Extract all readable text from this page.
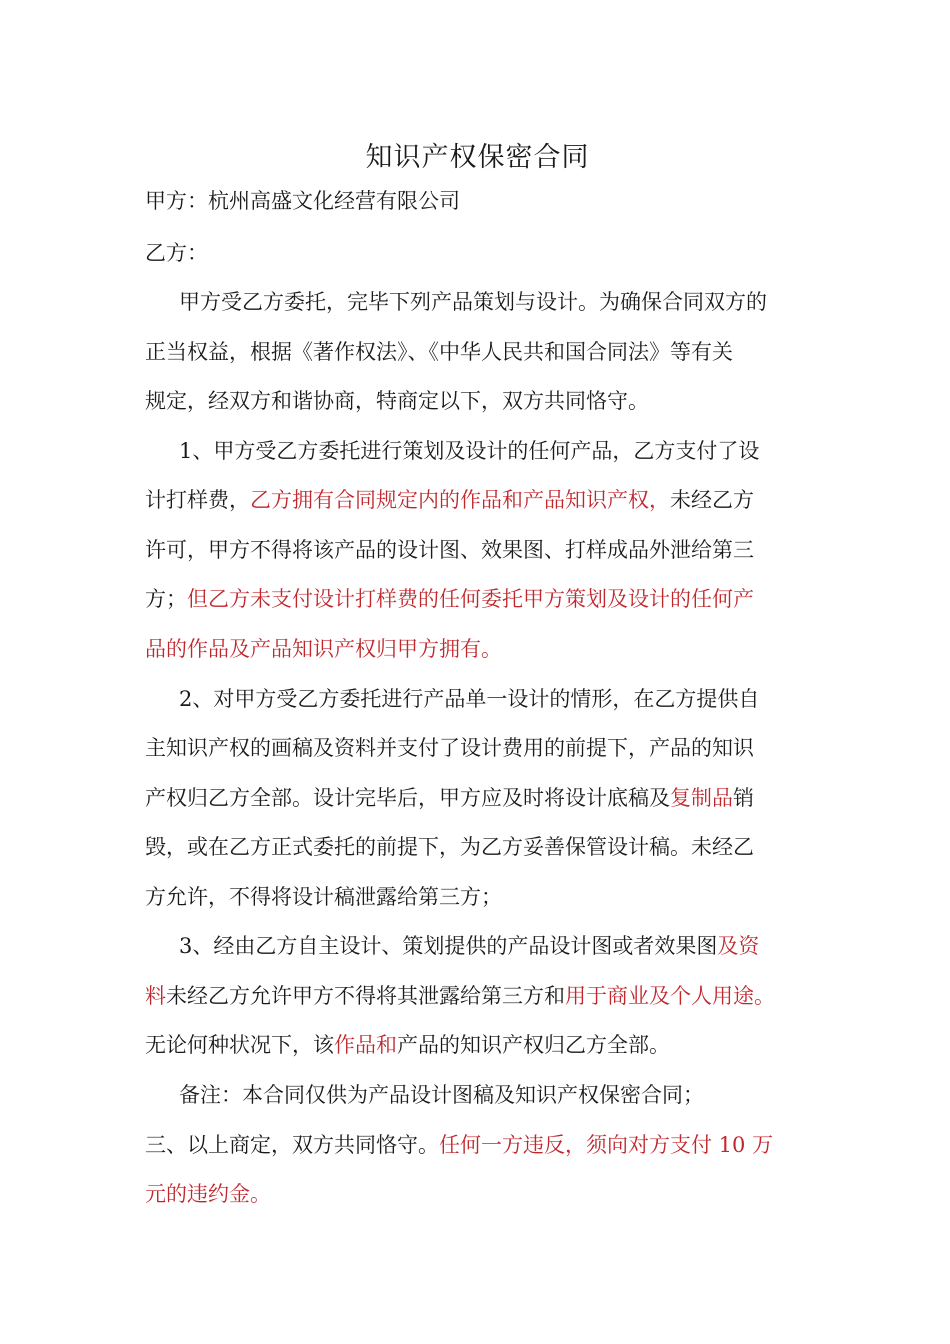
知识产权保密合同
甲方：杭州高盛文化经营有限公司
乙方：
甲方受乙方委托，完毕下列产品策划与设计。为确保合同双方的
正当权益，根据《著作权法》、《中华人民共和国合同法》等有关
规定，经双方和谐协商，特商定以下，双方共同恪守。
1、甲方受乙方委托进行策划及设计的任何产品，乙方支付了设
计打样费，乙方拥有合同规定内的作品和产品知识产权，未经乙方
许可，甲方不得将该产品的设计图、效果图、打样成品外泄给第三
方；但乙方未支付设计打样费的任何委托甲方策划及设计的任何产
品的作品及产品知识产权归甲方拥有。
2、对甲方受乙方委托进行产品单一设计的情形，在乙方提供自
主知识产权的画稿及资料并支付了设计费用的前提下，产品的知识
产权归乙方全部。设计完毕后，甲方应及时将设计底稿及复制品销
毁，或在乙方正式委托的前提下，为乙方妥善保管设计稿。未经乙
方允许，不得将设计稿泄露给第三方；
3、经由乙方自主设计、策划提供的产品设计图或者效果图及资
料未经乙方允许甲方不得将其泄露给第三方和用于商业及个人用途。
无论何种状况下，该作品和产品的知识产权归乙方全部。
备注：本合同仅供为产品设计图稿及知识产权保密合同；
三、以上商定，双方共同恪守。任何一方违反，须向对方支付 10 万
元的违约金。
